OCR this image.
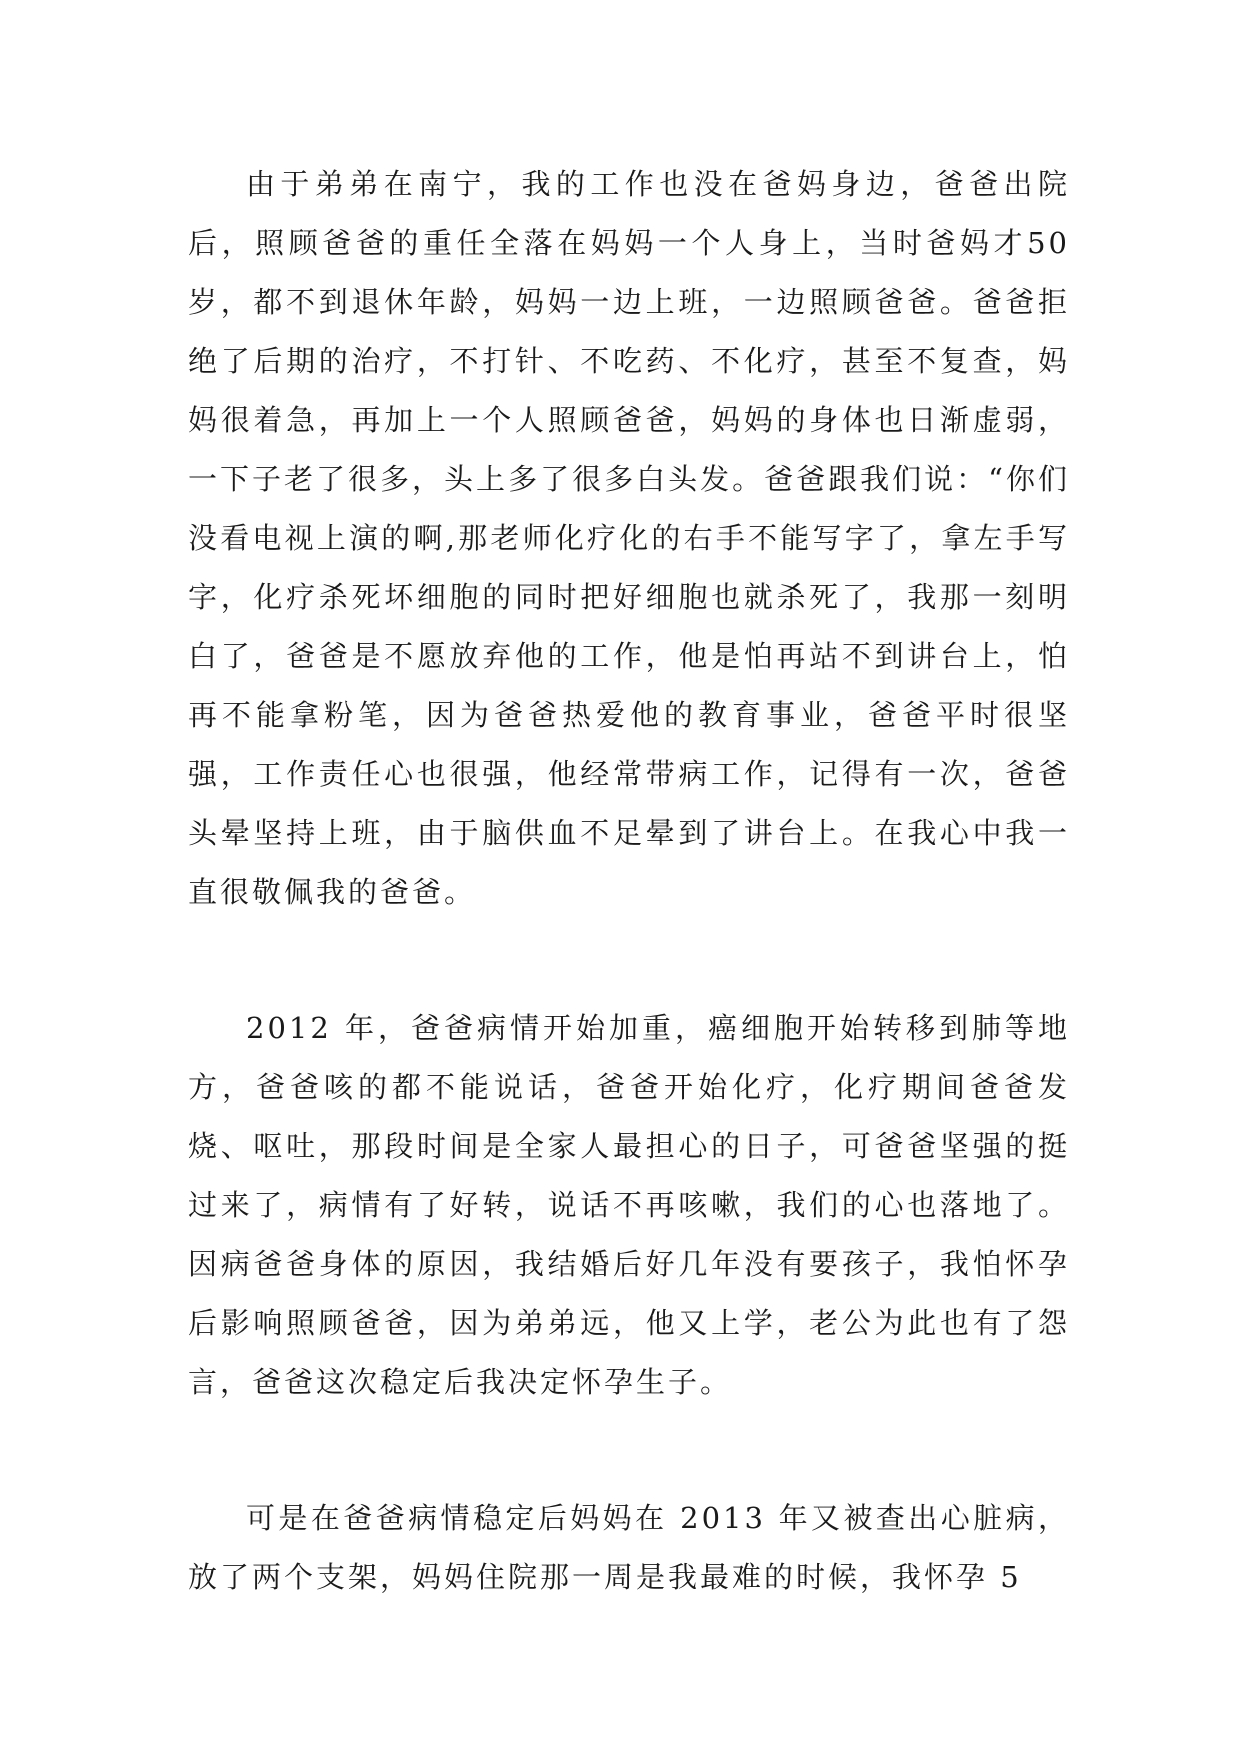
由于弟弟在南宁，我的工作也没在爸妈身边，爸爸出院后，照顾爸爸的重任全落在妈妈一个人身上，当时爸妈才50岁，都不到退休年龄，妈妈一边上班，一边照顾爸爸。爸爸拒绝了后期的治疗，不打针、不吃药、不化疗，甚至不复查，妈妈很着急，再加上一个人照顾爸爸，妈妈的身体也日渐虚弱，一下子老了很多，头上多了很多白头发。爸爸跟我们说：“你们没看电视上演的啊,那老师化疗化的右手不能写字了，拿左手写字，化疗杀死坏细胞的同时把好细胞也就杀死了，我那一刻明白了，爸爸是不愿放弃他的工作，他是怕再站不到讲台上，怕再不能拿粉笔，因为爸爸热爱他的教育事业，爸爸平时很坚强，工作责任心也很强，他经常带病工作，记得有一次，爸爸头晕坚持上班，由于脑供血不足晕到了讲台上。在我心中我一直很敬佩我的爸爸。

2012 年，爸爸病情开始加重，癌细胞开始转移到肺等地方，爸爸咳的都不能说话，爸爸开始化疗，化疗期间爸爸发烧、呕吐，那段时间是全家人最担心的日子，可爸爸坚强的挺过来了，病情有了好转，说话不再咳嗽，我们的心也落地了。因病爸爸身体的原因，我结婚后好几年没有要孩子，我怕怀孕后影响照顾爸爸，因为弟弟远，他又上学，老公为此也有了怨言，爸爸这次稳定后我决定怀孕生子。

可是在爸爸病情稳定后妈妈在 2013 年又被查出心脏病，放了两个支架，妈妈住院那一周是我最难的时候，我怀孕 5
